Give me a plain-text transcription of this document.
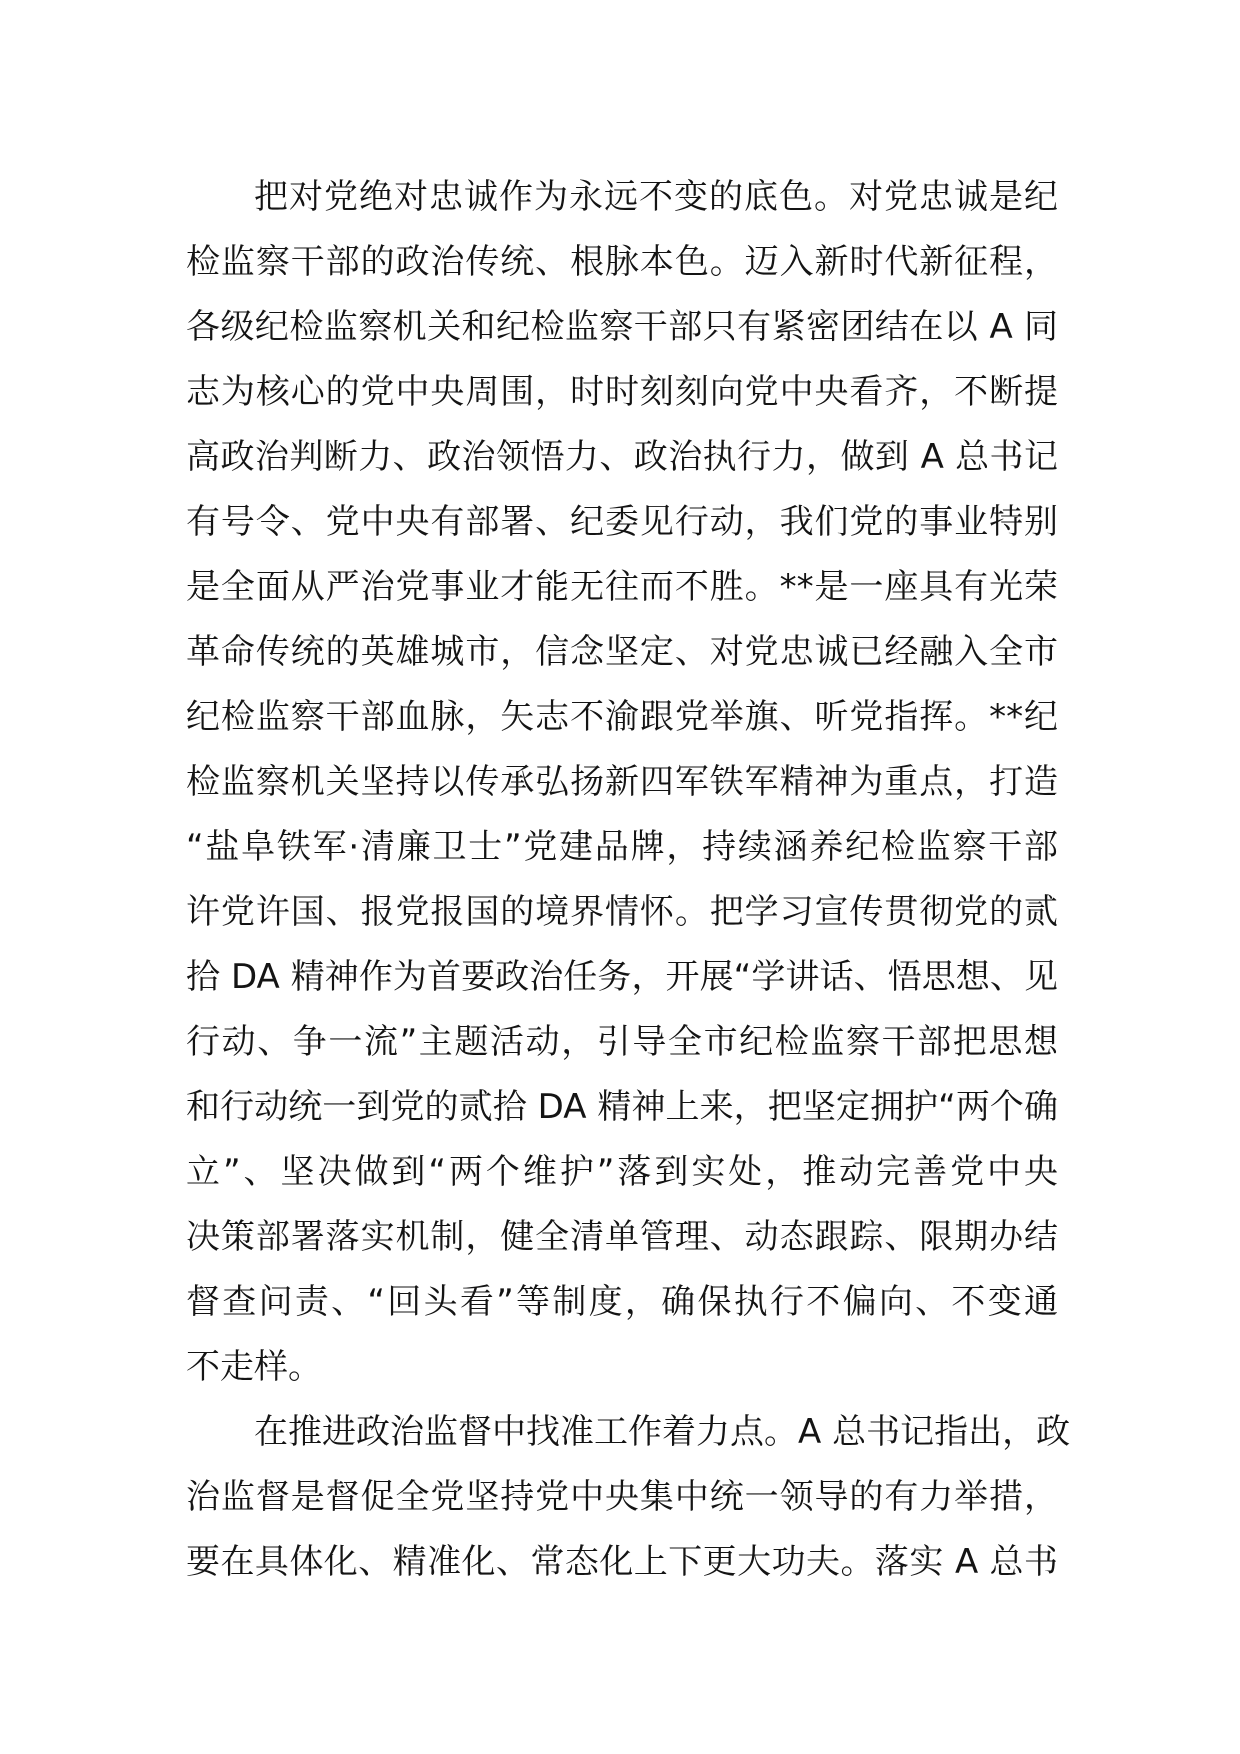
把对党绝对忠诚作为永远不变的底色。对党忠诚是纪
检监察干部的政治传统、根脉本色。迈入新时代新征程，
各级纪检监察机关和纪检监察干部只有紧密团结在以 A 同
志为核心的党中央周围，时时刻刻向党中央看齐，不断提
高政治判断力、政治领悟力、政治执行力，做到 A 总书记
有号令、党中央有部署、纪委见行动，我们党的事业特别
是全面从严治党事业才能无往而不胜。**是一座具有光荣
革命传统的英雄城市，信念坚定、对党忠诚已经融入全市
纪检监察干部血脉，矢志不渝跟党举旗、听党指挥。**纪
检监察机关坚持以传承弘扬新四军铁军精神为重点，打造
“盐阜铁军·清廉卫士”党建品牌，持续涵养纪检监察干部
许党许国、报党报国的境界情怀。把学习宣传贯彻党的贰
拾 DA 精神作为首要政治任务，开展“学讲话、悟思想、见
行动、争一流”主题活动，引导全市纪检监察干部把思想
和行动统一到党的贰拾 DA 精神上来，把坚定拥护“两个确
立”、坚决做到“两个维护”落到实处，推动完善党中央
决策部署落实机制，健全清单管理、动态跟踪、限期办结
督查问责、“回头看”等制度，确保执行不偏向、不变通
不走样。
在推进政治监督中找准工作着力点。A 总书记指出，政
治监督是督促全党坚持党中央集中统一领导的有力举措，
要在具体化、精准化、常态化上下更大功夫。落实 A 总书
